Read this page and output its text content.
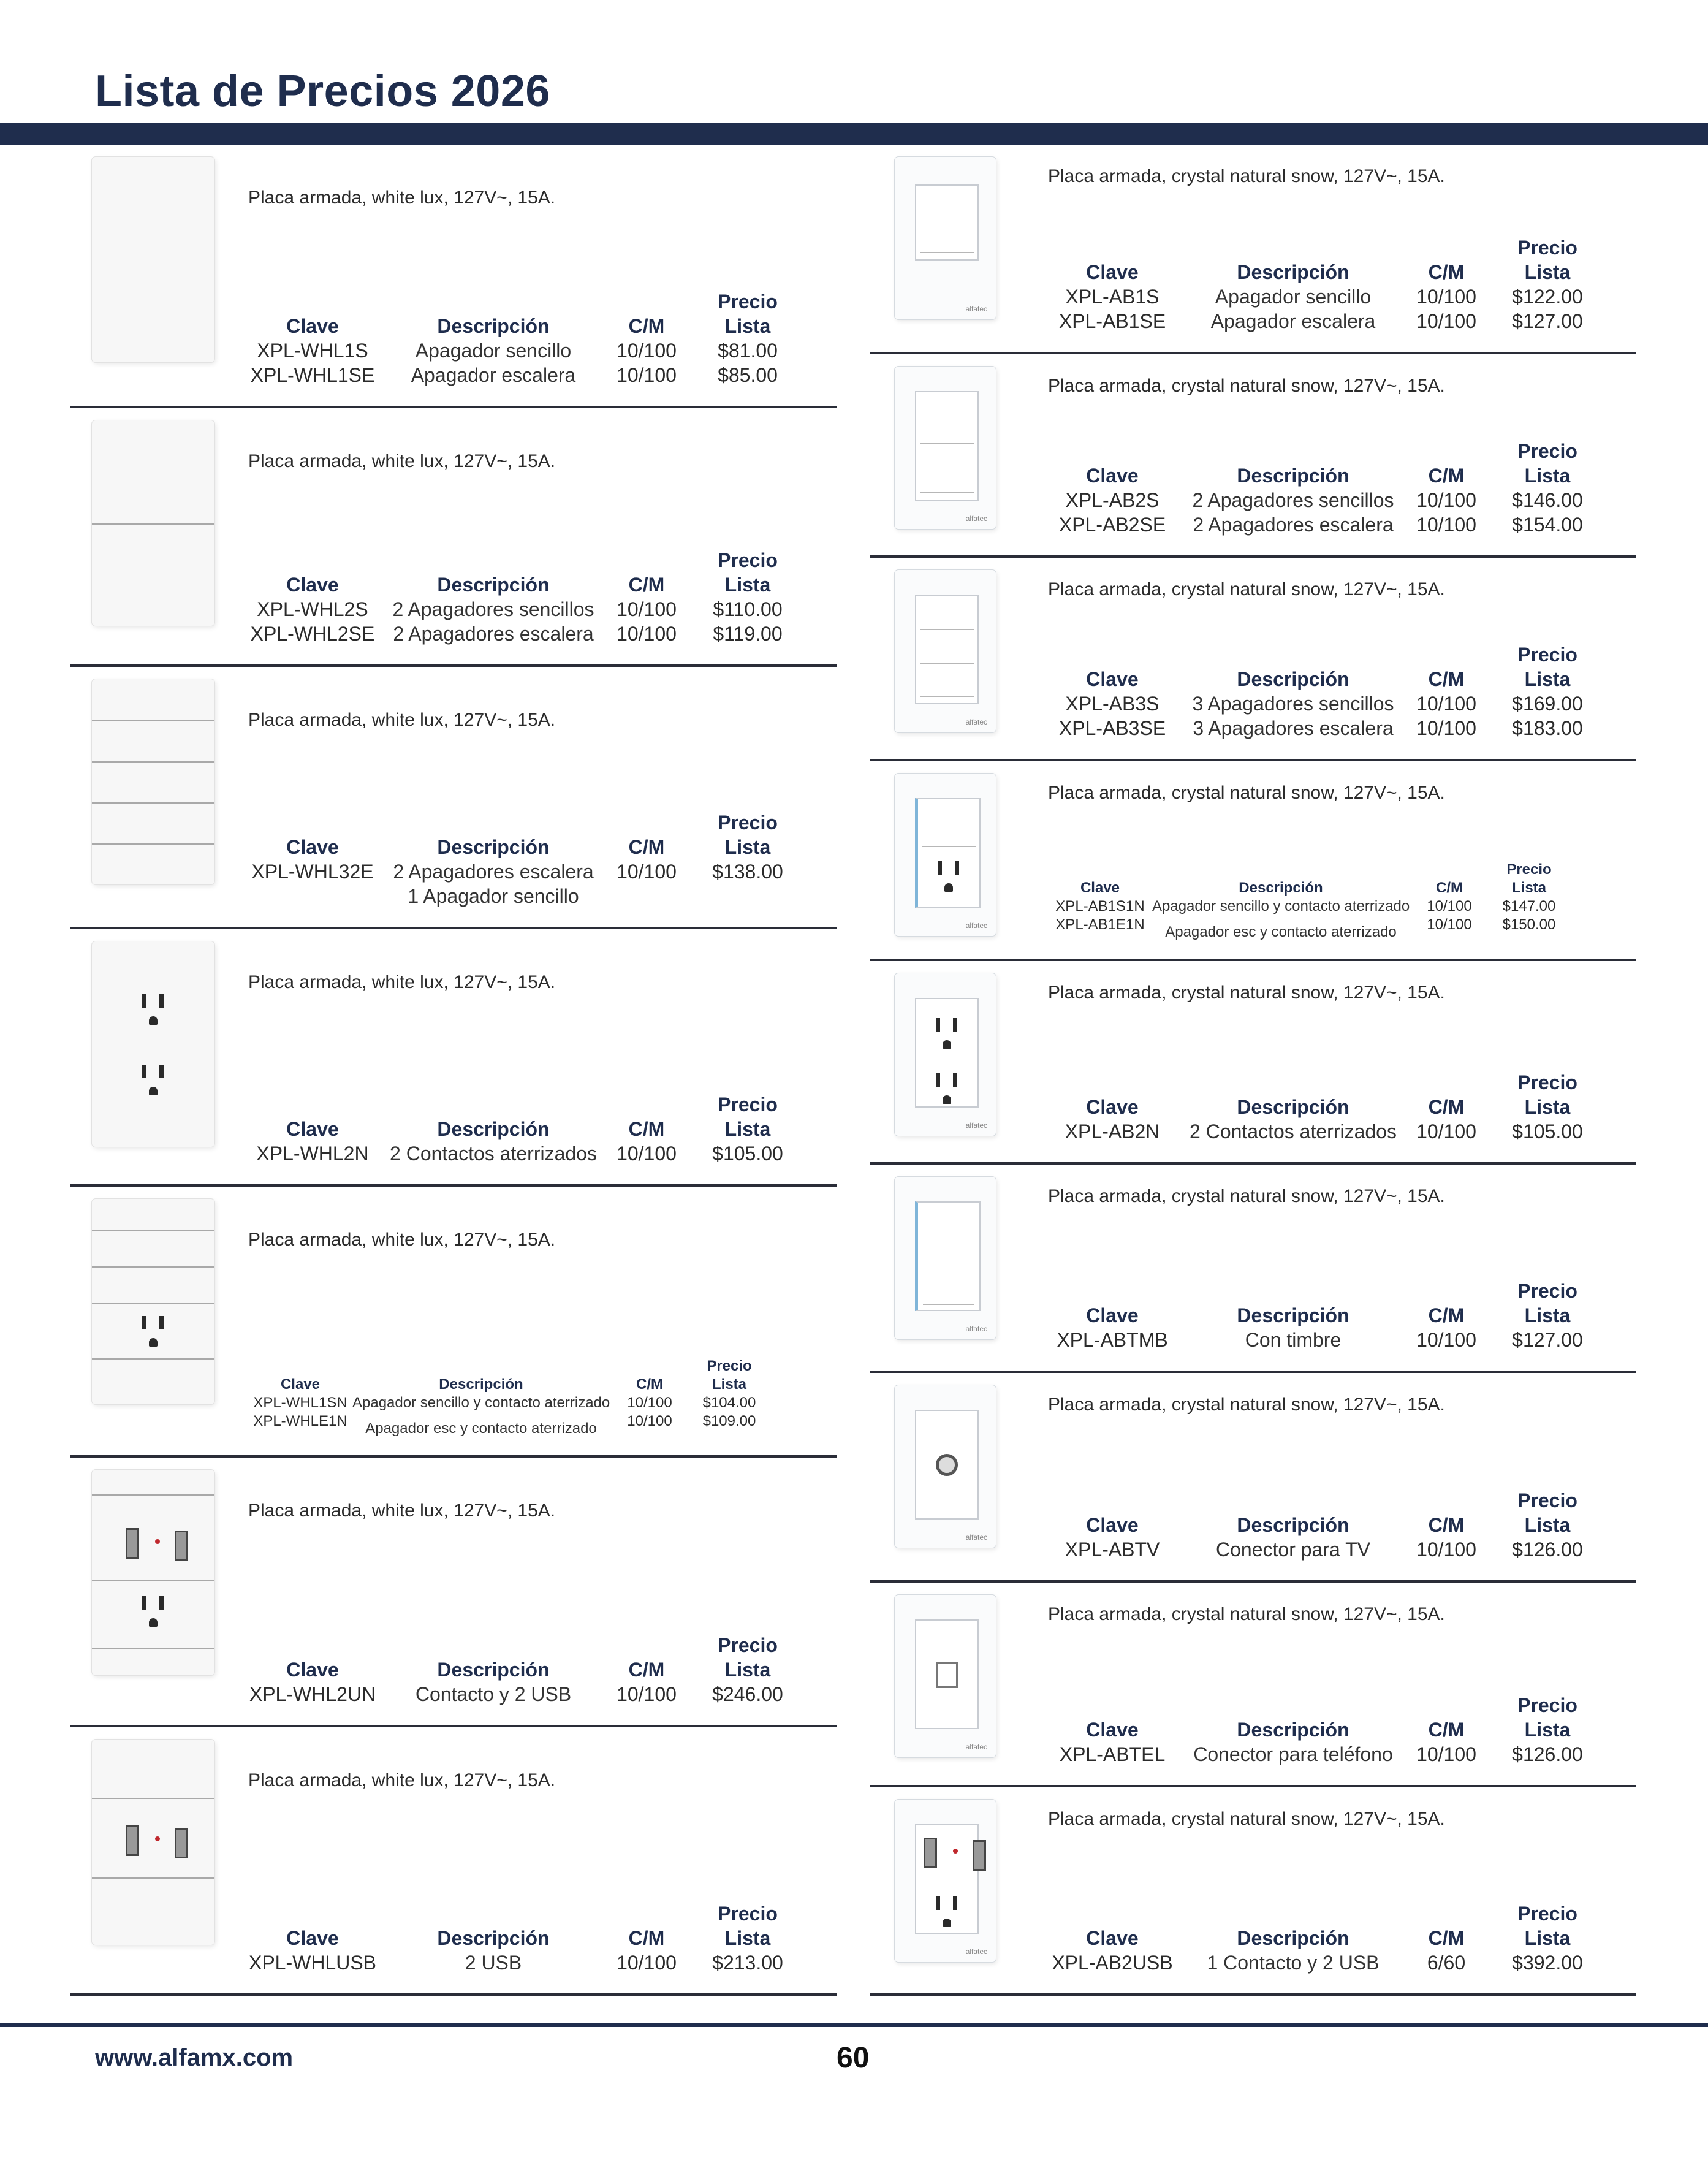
Lista de Precios 2026
Placa armada, white lux, 127V~, 15A.
Clave	Descripción	C/M
Precio
Lista
XPL-WHL1S	Apagador sencillo	10/100	$81.00
XPL-WHL1SE	Apagador escalera	10/100	$85.00
Placa armada, white lux, 127V~, 15A.
Clave	Descripción	C/M
Precio
Lista
XPL-WHL2S	2 Apagadores sencillos	10/100	$110.00
XPL-WHL2SE 2 Apagadores escalera	10/100	$119.00
Placa armada, white lux, 127V~, 15A.
Clave	Descripción	C/M
Precio
Lista
XPL-WHL32E 2 Apagadores escalera	10/100	$138.00
1 Apagador sencillo
Placa armada, white lux, 127V~, 15A.
Clave	Descripción	C/M
Precio
Lista
XPL-WHL2N	2 Contactos aterrizados	10/100	$105.00
Placa armada, white lux, 127V~, 15A.
Clave	Descripción	C/M
Precio
Lista
XPL-WHL1SN Apagador sencillo y contacto aterrizado	10/100	$104.00
XPL-WHLE1N	Apagador esc y contacto aterrizado	10/100	$109.00
Placa armada, white lux, 127V~, 15A.
Clave	Descripción	C/M
Precio
Lista
XPL-WHL2UN	Contacto y 2 USB	10/100	$246.00
Placa armada, white lux, 127V~, 15A.
Clave	Descripción	C/M
Precio
Lista
XPL-WHLUSB	2 USB	10/100	$213.00
alfatec
Placa armada, crystal natural snow, 127V~, 15A.
Clave	Descripción	C/M
Precio
Lista
XPL-AB1S	Apagador sencillo	10/100	$122.00
XPL-AB1SE	Apagador escalera	10/100	$127.00
alfatec
Placa armada, crystal natural snow, 127V~, 15A.
Clave	Descripción	C/M
Precio
Lista
XPL-AB2S	2 Apagadores sencillos	10/100	$146.00
XPL-AB2SE	2 Apagadores escalera	10/100	$154.00
alfatec
Placa armada, crystal natural snow, 127V~, 15A.
Clave	Descripción	C/M
Precio
Lista
XPL-AB3S	3 Apagadores sencillos	10/100	$169.00
XPL-AB3SE	3 Apagadores escalera	10/100	$183.00
alfatec
Placa armada, crystal natural snow, 127V~, 15A.
Clave	Descripción	C/M
Precio
Lista
XPL-AB1S1N Apagador sencillo y contacto aterrizado	10/100	$147.00
XPL-AB1E1N	Apagador esc y contacto aterrizado	10/100	$150.00
alfatec
Placa armada, crystal natural snow, 127V~, 15A.
Clave	Descripción	C/M
Precio
Lista
XPL-AB2N	2 Contactos aterrizados	10/100	$105.00
alfatec
Placa armada, crystal natural snow, 127V~, 15A.
Clave	Descripción	C/M
Precio
Lista
XPL-ABTMB	Con timbre	10/100	$127.00
alfatec
Placa armada, crystal natural snow, 127V~, 15A.
Clave	Descripción	C/M
Precio
Lista
XPL-ABTV	Conector para TV	10/100	$126.00
alfatec
Placa armada, crystal natural snow, 127V~, 15A.
Clave	Descripción	C/M
Precio
Lista
XPL-ABTEL	Conector para teléfono	10/100	$126.00
alfatec
Placa armada, crystal natural snow, 127V~, 15A.
Clave	Descripción	C/M
Precio
Lista
XPL-AB2USB	1 Contacto y 2 USB	6/60	$392.00
www.alfamx.com	60
